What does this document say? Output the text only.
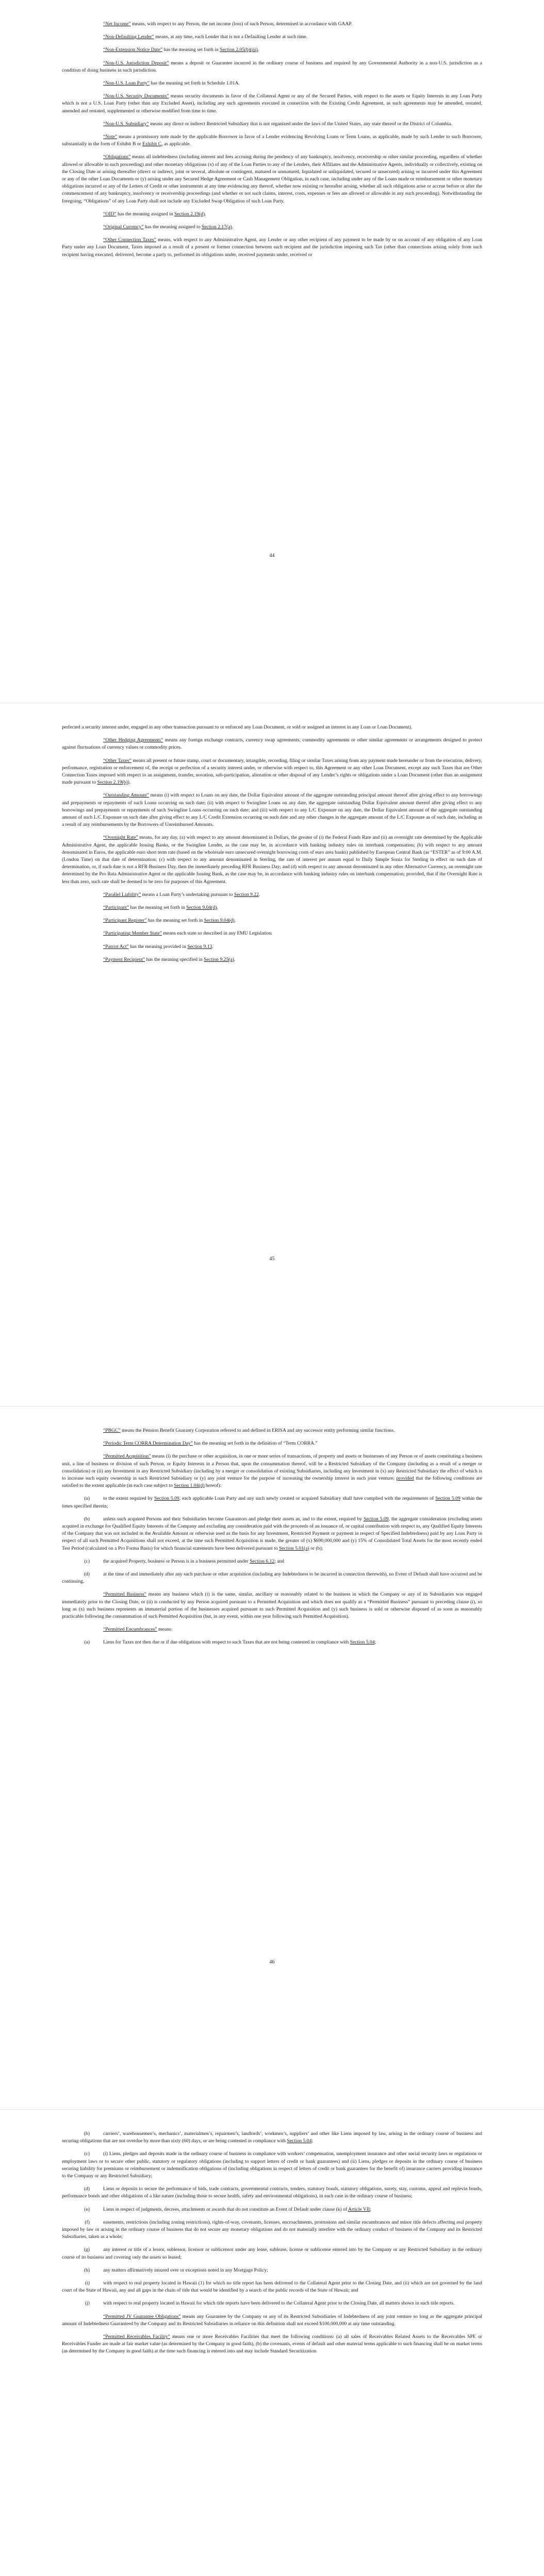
“Net Income” means, with respect to any Person, the net income (loss) of such Person, determined in accordance with GAAP.

“Non-Defaulting Lender” means, at any time, each Lender that is not a Defaulting Lender at such time.

“Non-Extension Notice Date” has the meaning set forth in Section 2.05(b)(iii).

“Non-U.S. Jurisdiction Deposit” means a deposit or Guarantee incurred in the ordinary course of business and required by any Governmental Authority in a non-U.S. jurisdiction as a condition of doing business in such jurisdiction.

“Non-U.S. Loan Party” has the meaning set forth in Schedule 1.01A.

“Non-U.S. Security Documents” means security documents in favor of the Collateral Agent or any of the Secured Parties, with respect to the assets or Equity Interests in any Loan Party which is not a U.S. Loan Party (other than any Excluded Asset), including any such agreements executed in connection with the Existing Credit Agreement, as such agreements may be amended, restated, amended and restated, supplemented or otherwise modified from time to time.

“Non-U.S. Subsidiary” means any direct or indirect Restricted Subsidiary that is not organized under the laws of the United States, any state thereof or the District of Columbia.

“Note” means a promissory note made by the applicable Borrower in favor of a Lender evidencing Revolving Loans or Term Loans, as applicable, made by such Lender to such Borrower, substantially in the form of Exhibit B or Exhibit C, as applicable.

“Obligations” means all indebtedness (including interest and fees accruing during the pendency of any bankruptcy, insolvency, receivership or other similar proceeding, regardless of whether allowed or allowable in such proceeding) and other monetary obligations (x) of any of the Loan Parties to any of the Lenders, their Affiliates and the Administrative Agents, individually or collectively, existing on the Closing Date or arising thereafter (direct or indirect, joint or several, absolute or contingent, matured or unmatured, liquidated or unliquidated, secured or unsecured) arising or incurred under this Agreement or any of the other Loan Documents or (y) arising under any Secured Hedge Agreement or Cash Management Obligation, in each case, including under any of the Loans made or reimbursement or other monetary obligations incurred or any of the Letters of Credit or other instruments at any time evidencing any thereof, whether now existing or hereafter arising, whether all such obligations arise or accrue before or after the commencement of any bankruptcy, insolvency or receivership proceedings (and whether or not such claims, interest, costs, expenses or fees are allowed or allowable in any such proceeding). Notwithstanding the foregoing, “Obligations” of any Loan Party shall not include any Excluded Swap Obligation of such Loan Party.

“OID” has the meaning assigned in Section 2.19(d).

“Original Currency” has the meaning assigned to Section 2.17(a).

“Other Connection Taxes” means, with respect to any Administrative Agent, any Lender or any other recipient of any payment to be made by or on account of any obligation of any Loan Party under any Loan Document, Taxes imposed as a result of a present or former connection between such recipient and the jurisdiction imposing such Tax (other than connections arising solely from such recipient having executed, delivered, become a party to, performed its obligations under, received payments under, received or

44

perfected a security interest under, engaged in any other transaction pursuant to or enforced any Loan Document, or sold or assigned an interest in any Loan or Loan Document).

“Other Hedging Agreements” means any foreign exchange contracts, currency swap agreements, commodity agreements or other similar agreements or arrangements designed to protect against fluctuations of currency values or commodity prices.

“Other Taxes” means all present or future stamp, court or documentary, intangible, recording, filing or similar Taxes arising from any payment made hereunder or from the execution, delivery, performance, registration or enforcement of, the receipt or perfection of a security interest under, or otherwise with respect to, this Agreement or any other Loan Document, except any such Taxes that are Other Connection Taxes imposed with respect to an assignment, transfer, novation, sub-participation, alienation or other disposal of any Lender’s rights or obligations under a Loan Document (other than an assignment made pursuant to Section 2.19(b)).

“Outstanding Amount” means (i) with respect to Loans on any date, the Dollar Equivalent amount of the aggregate outstanding principal amount thereof after giving effect to any borrowings and prepayments or repayments of such Loans occurring on such date; (ii) with respect to Swingline Loans on any date, the aggregate outstanding Dollar Equivalent amount thereof after giving effect to any borrowings and prepayments or repayments of such Swingline Loans occurring on such date; and (iii) with respect to any L/C Exposure on any date, the Dollar Equivalent amount of the aggregate outstanding amount of such L/C Exposure on such date after giving effect to any L/C Credit Extension occurring on such date and any other changes in the aggregate amount of the L/C Exposure as of such date, including as a result of any reimbursements by the Borrowers of Unreimbursed Amounts.

“Overnight Rate” means, for any day, (a) with respect to any amount denominated in Dollars, the greater of (i) the Federal Funds Rate and (ii) an overnight rate determined by the Applicable Administrative Agent, the applicable Issuing Banks, or the Swingline Lender, as the case may be, in accordance with banking industry rules on interbank compensation; (b) with respect to any amount denominated in Euros, the applicable euro short term rate (based on the wholesale euro unsecured overnight borrowing costs of euro area banks) published by European Central Bank (as “ESTER” as of 9:00 A.M. (London Time) on that date of determination; (c) with respect to any amount denominated in Sterling, the rate of interest per annum equal to Daily Simple Sonia for Sterling in effect on such date of determination, or, if such date is not a RFR Business Day, then the immediately preceding RFR Business Day; and (d) with respect to any amount denominated in any other Alternative Currency, an overnight rate determined by the Pro Rata Administrative Agent or the applicable Issuing Bank, as the case may be, in accordance with banking industry rules on interbank compensation; provided, that if the Overnight Rate is less than zero, such rate shall be deemed to be zero for purposes of this Agreement.

“Parallel Liability” means a Loan Party’s undertaking pursuant to Section 9.22.

“Participant” has the meaning set forth in Section 9.04(d).

“Participant Register” has the meaning set forth in Section 9.04(d).

“Participating Member State” means each state so described in any EMU Legislation.

“Patriot Act” has the meaning provided in Section 9.13.

“Payment Recipient” has the meaning specified in Section 9.25(a).

45

“PBGC” means the Pension Benefit Guaranty Corporation referred to and defined in ERISA and any successor entity performing similar functions.

“Periodic Term CORRA Determination Day” has the meaning set forth in the definition of “Term CORRA.”

“Permitted Acquisition” means (i) the purchase or other acquisition, in one or more series of transactions, of property and assets or businesses of any Person or of assets constituting a business unit, a line of business or division of such Person, or Equity Interests in a Person that, upon the consummation thereof, will be a Restricted Subsidiary of the Company (including as a result of a merger or consolidation) or (ii) any Investment in any Restricted Subsidiary (including by a merger or consolidation of existing Subsidiaries, including any Investment in (x) any Restricted Subsidiary the effect of which is to increase such equity ownership in such Restricted Subsidiary or (y) any joint venture for the purpose of increasing the ownership interest in such joint venture; provided that the following conditions are satisfied to the extent applicable (in each case subject to Section 1.04(d) hereof):

(a)	to the extent required by Section 5.09, each applicable Loan Party and any such newly created or acquired Subsidiary shall have complied with the requirements of Section 5.09 within the times specified therein;

(b)	unless such acquired Persons and their Subsidiaries become Guarantors and pledge their assets as, and to the extent, required by Section 5.09, the aggregate consideration (excluding assets acquired in exchange for Qualified Equity Interests of the Company and excluding any consideration paid with the proceeds of an issuance of, or capital contribution with respect to, any Qualified Equity Interests of the Company that was not included in the Available Amount or otherwise used as the basis for any Investment, Restricted Payment or payment in respect of Specified Indebtedness) paid by any Loan Party in respect of all such Permitted Acquisitions shall not exceed, at the time such Permitted Acquisition is made, the greater of (x) $690,000,000 and (y) 15% of Consolidated Total Assets for the most recently ended Test Period (calculated on a Pro Forma Basis) for which financial statements have been delivered pursuant to Section 5.01(a) or (b);

(c)	the acquired Property, business or Person is in a business permitted under Section 6.12; and

(d)	at the time of and immediately after any such purchase or other acquisition (including any Indebtedness to be incurred in connection therewith), no Event of Default shall have occurred and be continuing.

“Permitted Business” means any business which (i) is the same, similar, ancillary or reasonably related to the business in which the Company or any of its Subsidiaries was engaged immediately prior to the Closing Date, or (ii) is conducted by any Person acquired pursuant to a Permitted Acquisition and which does not qualify as a “Permitted Business” pursuant to preceding clause (i), so long as (x) such business represents an immaterial portion of the businesses acquired pursuant to such Permitted Acquisition and (y) such business is sold or otherwise disposed of as soon as reasonably practicable following the consummation of such Permitted Acquisition (but, in any event, within one year following such Permitted Acquisition).

“Permitted Encumbrances” means:

(a)	Liens for Taxes not then due or if due obligations with respect to such Taxes that are not being contested in compliance with Section 5.04;

46

(b)	carriers’, warehousemen’s, mechanics’, materialmen’s, repairmen’s, landlords’, workmen’s, suppliers’ and other like Liens imposed by law, arising in the ordinary course of business and securing obligations that are not overdue by more than sixty (60) days, or are being contested in compliance with Section 5.04;

(c)	(i) Liens, pledges and deposits made in the ordinary course of business in compliance with workers’ compensation, unemployment insurance and other social security laws or regulations or employment laws or to secure other public, statutory or regulatory obligations (including to support letters of credit or bank guarantees) and (ii) Liens, pledges or deposits in the ordinary course of business securing liability for premiums or reimbursement or indemnification obligations of (including obligations in respect of letters of credit or bank guarantees for the benefit of) insurance carriers providing insurance to the Company or any Restricted Subsidiary;

(d)	Liens or deposits to secure the performance of bids, trade contracts, governmental contracts, tenders, statutory bonds, statutory obligations, surety, stay, customs, appeal and replevin bonds, performance bonds and other obligations of a like nature (including those to secure health, safety and environmental obligations), in each case in the ordinary course of business;

(e)	Liens in respect of judgments, decrees, attachments or awards that do not constitute an Event of Default under clause (k) of Article VII;

(f)	easements, restrictions (including zoning restrictions), rights-of-way, covenants, licenses, encroachments, protrusions and similar encumbrances and minor title defects affecting real property imposed by law or arising in the ordinary course of business that do not secure any monetary obligations and do not materially interfere with the ordinary conduct of business of the Company and its Restricted Subsidiaries, taken as a whole;

(g)	any interest or title of a lessor, sublessor, licensor or sublicensor under any lease, sublease, license or sublicense entered into by the Company or any Restricted Subsidiary in the ordinary course of its business and covering only the assets so leased;

(h)	any matters affirmatively insured over or exceptions noted in any Mortgage Policy;

(i)	with respect to real property located in Hawaii (1) for which no title report has been delivered to the Collateral Agent prior to the Closing Date, and (ii) which are not governed by the land court of the State of Hawaii, any and all gaps in the chain of title that would be identified by a search of the public records of the State of Hawaii; and

(j)	with respect to real property located in Hawaii for which title reports have been delivered to the Collateral Agent prior to the Closing Date, all matters shown in such title reports.

“Permitted JV Guarantee Obligations” means any Guarantee by the Company or any of its Restricted Subsidiaries of Indebtedness of any joint venture so long as the aggregate principal amount of Indebtedness Guaranteed by the Company and its Restricted Subsidiaries in reliance on this definition shall not exceed $100,000,000 at any time outstanding.

“Permitted Receivables Facility” means one or more Receivables Facilities that meet the following conditions: (a) all sales of Receivables Related Assets to the Receivables SPE or Receivables Funder are made at fair market value (as determined by the Company in good faith), (b) the covenants, events of default and other material terms applicable to such financing shall be on market terms (as determined by the Company in good faith) at the time such financing is entered into and may include Standard Securitization
